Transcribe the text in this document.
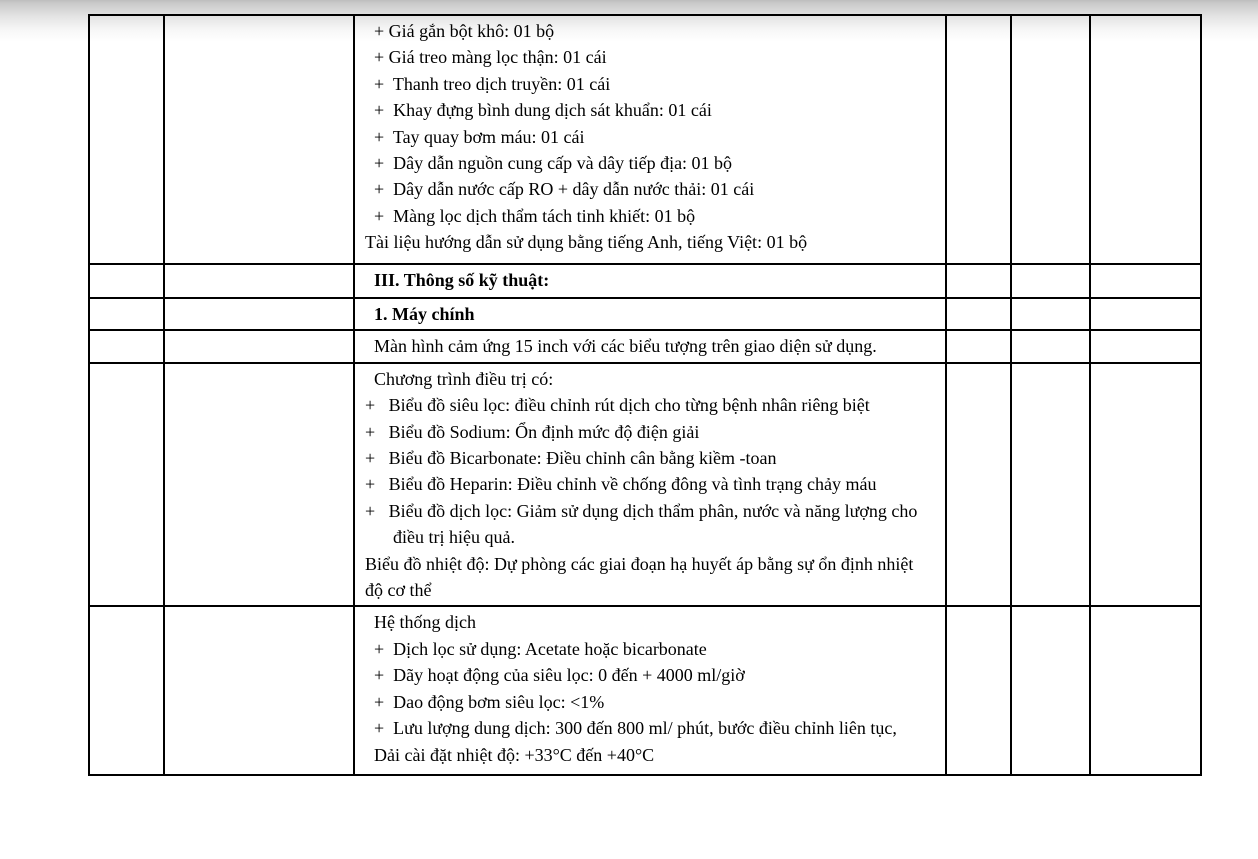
+ Giá gắn bột khô: 01 bộ
+ Giá treo màng lọc thận: 01 cái
+  Thanh treo dịch truyền: 01 cái
+  Khay đựng bình dung dịch sát khuẩn: 01 cái
+  Tay quay bơm máu: 01 cái
+  Dây dẫn nguồn cung cấp và dây tiếp địa: 01 bộ
+  Dây dẫn nước cấp RO + dây dẫn nước thải: 01 cái
+  Màng lọc dịch thẩm tách tinh khiết: 01 bộ
Tài liệu hướng dẫn sử dụng bằng tiếng Anh, tiếng Việt: 01 bộ

		III. Thông số kỹ thuật:			

		1. Máy chính			

		Màn hình cảm ứng 15 inch với các biểu tượng trên giao diện sử dụng.			

Chương trình điều trị có:
+   Biểu đồ siêu lọc: điều chỉnh rút dịch cho từng bệnh nhân riêng biệt
+   Biểu đồ Sodium: Ổn định mức độ điện giải
+   Biểu đồ Bicarbonate: Điều chỉnh cân bằng kiềm -toan
+   Biểu đồ Heparin: Điều chỉnh về chống đông và tình trạng chảy máu
+   Biểu đồ dịch lọc: Giảm sử dụng dịch thẩm phân, nước và năng lượng cho
điều trị hiệu quả.
Biểu đồ nhiệt độ: Dự phòng các giai đoạn hạ huyết áp bằng sự ổn định nhiệt
độ cơ thể

Hệ thống dịch
+  Dịch lọc sử dụng: Acetate hoặc bicarbonate
+  Dãy hoạt động của siêu lọc: 0 đến + 4000 ml/giờ
+  Dao động bơm siêu lọc: <1%
+  Lưu lượng dung dịch: 300 đến 800 ml/ phút, bước điều chỉnh liên tục,
Dải cài đặt nhiệt độ: +33°C đến +40°C
